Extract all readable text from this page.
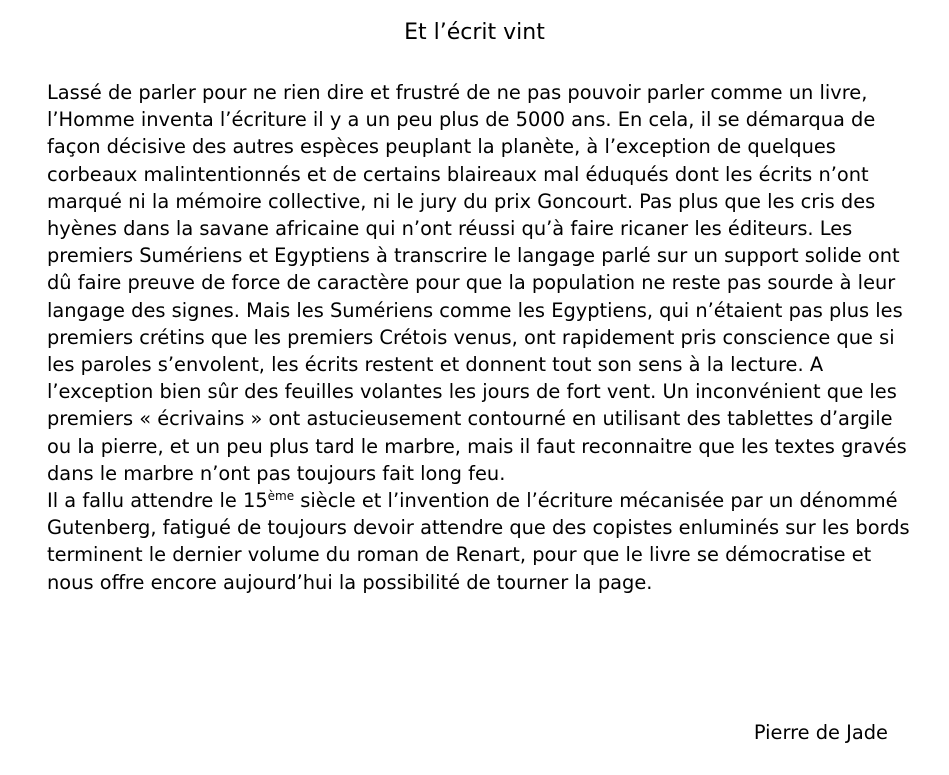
Et l’écrit vint

Lassé de parler pour ne rien dire et frustré de ne pas pouvoir parler comme un livre, l’Homme inventa l’écriture il y a un peu plus de 5000 ans. En cela, il se démarqua de façon décisive des autres espèces peuplant la planète, à l’exception de quelques corbeaux malintentionnés et de certains blaireaux mal éduqués dont les écrits n’ont marqué ni la mémoire collective, ni le jury du prix Goncourt. Pas plus que les cris des hyènes dans la savane africaine qui n’ont réussi qu’à faire ricaner les éditeurs. Les premiers Sumériens et Egyptiens à transcrire le langage parlé sur un support solide ont dû faire preuve de force de caractère pour que la population ne reste pas sourde à leur langage des signes. Mais les Sumériens comme les Egyptiens, qui n’étaient pas plus les premiers crétins que les premiers Crétois venus, ont rapidement pris conscience que si les paroles s’envolent, les écrits restent et donnent tout son sens à la lecture. A l’exception bien sûr des feuilles volantes les jours de fort vent. Un inconvénient que les premiers « écrivains » ont astucieusement contourné en utilisant des tablettes d’argile ou la pierre, et un peu plus tard le marbre, mais il faut reconnaitre que les textes gravés dans le marbre n’ont pas toujours fait long feu.

Il a fallu attendre le 15ème siècle et l’invention de l’écriture mécanisée par un dénommé Gutenberg, fatigué de toujours devoir attendre que des copistes enluminés sur les bords terminent le dernier volume du roman de Renart, pour que le livre se démocratise et nous offre encore aujourd’hui la possibilité de tourner la page.

Pierre de Jade
